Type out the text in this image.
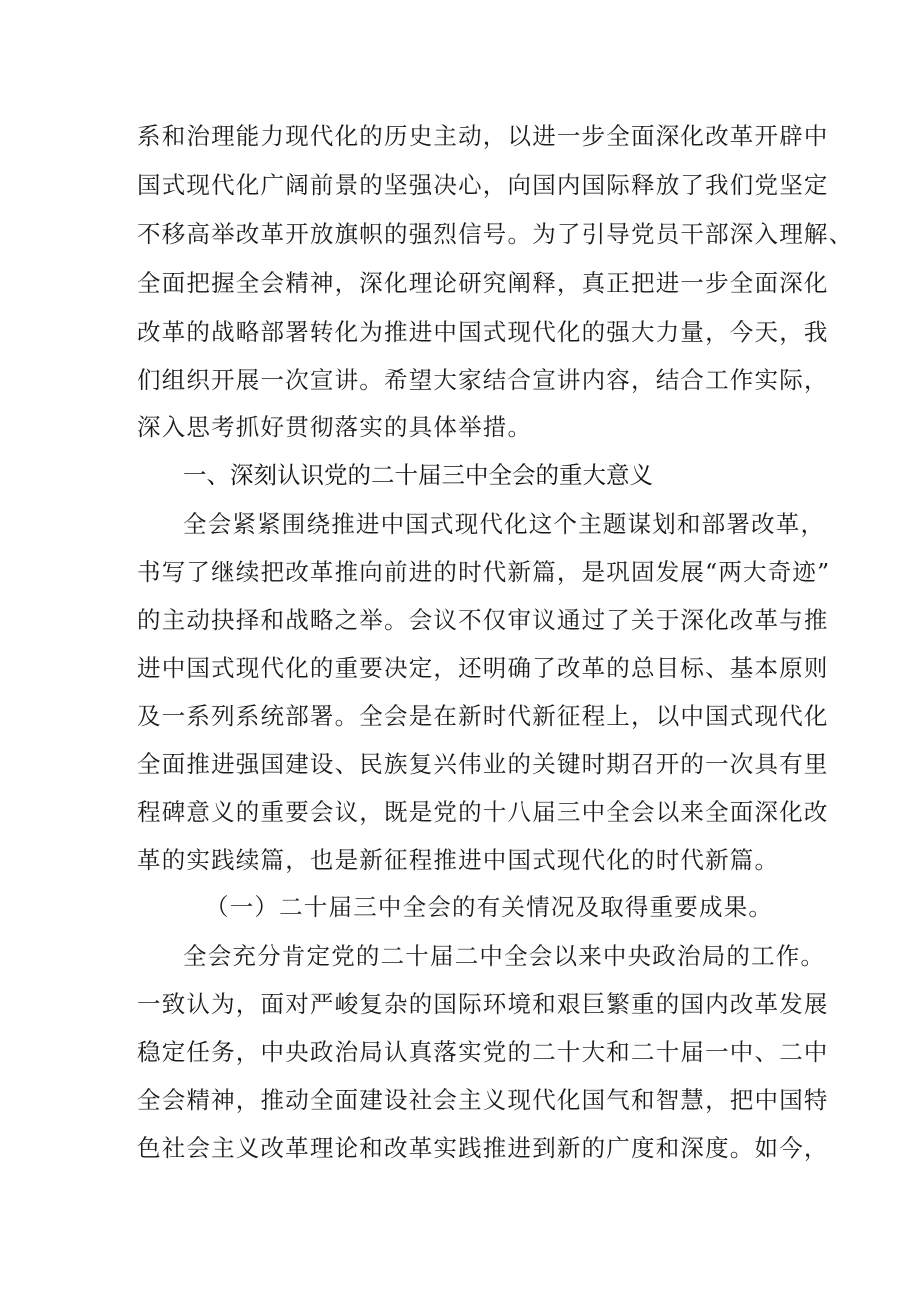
系和治理能力现代化的历史主动，以进一步全面深化改革开辟中
国式现代化广阔前景的坚强决心，向国内国际释放了我们党坚定
不移高举改革开放旗帜的强烈信号。为了引导党员干部深入理解、
全面把握全会精神，深化理论研究阐释，真正把进一步全面深化
改革的战略部署转化为推进中国式现代化的强大力量，今天，我
们组织开展一次宣讲。希望大家结合宣讲内容，结合工作实际，
深入思考抓好贯彻落实的具体举措。
一、深刻认识党的二十届三中全会的重大意义
全会紧紧围绕推进中国式现代化这个主题谋划和部署改革，
书写了继续把改革推向前进的时代新篇，是巩固发展“两大奇迹”
的主动抉择和战略之举。会议不仅审议通过了关于深化改革与推
进中国式现代化的重要决定，还明确了改革的总目标、基本原则
及一系列系统部署。全会是在新时代新征程上，以中国式现代化
全面推进强国建设、民族复兴伟业的关键时期召开的一次具有里
程碑意义的重要会议，既是党的十八届三中全会以来全面深化改
革的实践续篇，也是新征程推进中国式现代化的时代新篇。
（一）二十届三中全会的有关情况及取得重要成果。
全会充分肯定党的二十届二中全会以来中央政治局的工作。
一致认为，面对严峻复杂的国际环境和艰巨繁重的国内改革发展
稳定任务，中央政治局认真落实党的二十大和二十届一中、二中
全会精神，推动全面建设社会主义现代化国气和智慧，把中国特
色社会主义改革理论和改革实践推进到新的广度和深度。如今，
